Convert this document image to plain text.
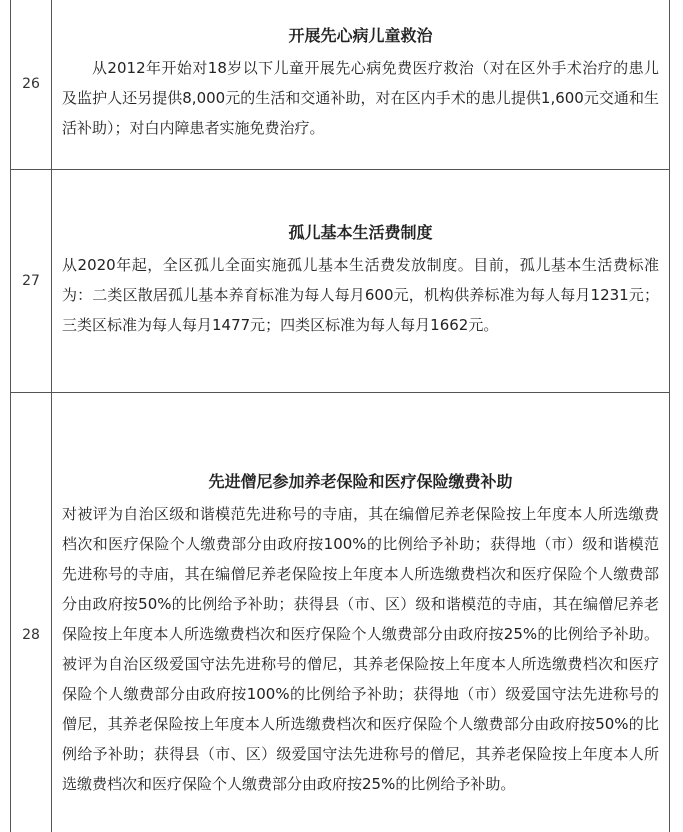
26	开展先心病儿童救治

从2012年开始对18岁以下儿童开展先心病免费医疗救治（对在区外手术治疗的患儿及监护人还另提供8,000元的生活和交通补助，对在区内手术的患儿提供1,600元交通和生活补助）；对白内障患者实施免费治疗。

27	孤儿基本生活费制度

从2020年起，全区孤儿全面实施孤儿基本生活费发放制度。目前，孤儿基本生活费标准为：二类区散居孤儿基本养育标准为每人每月600元，机构供养标准为每人每月1231元；三类区标准为每人每月1477元；四类区标准为每人每月1662元。

28	先进僧尼参加养老保险和医疗保险缴费补助

对被评为自治区级和谐模范先进称号的寺庙，其在编僧尼养老保险按上年度本人所选缴费档次和医疗保险个人缴费部分由政府按100%的比例给予补助；获得地（市）级和谐模范先进称号的寺庙，其在编僧尼养老保险按上年度本人所选缴费档次和医疗保险个人缴费部分由政府按50%的比例给予补助；获得县（市、区）级和谐模范的寺庙，其在编僧尼养老保险按上年度本人所选缴费档次和医疗保险个人缴费部分由政府按25%的比例给予补助。被评为自治区级爱国守法先进称号的僧尼，其养老保险按上年度本人所选缴费档次和医疗保险个人缴费部分由政府按100%的比例给予补助；获得地（市）级爱国守法先进称号的僧尼，其养老保险按上年度本人所选缴费档次和医疗保险个人缴费部分由政府按50%的比例给予补助；获得县（市、区）级爱国守法先进称号的僧尼，其养老保险按上年度本人所选缴费档次和医疗保险个人缴费部分由政府按25%的比例给予补助。
